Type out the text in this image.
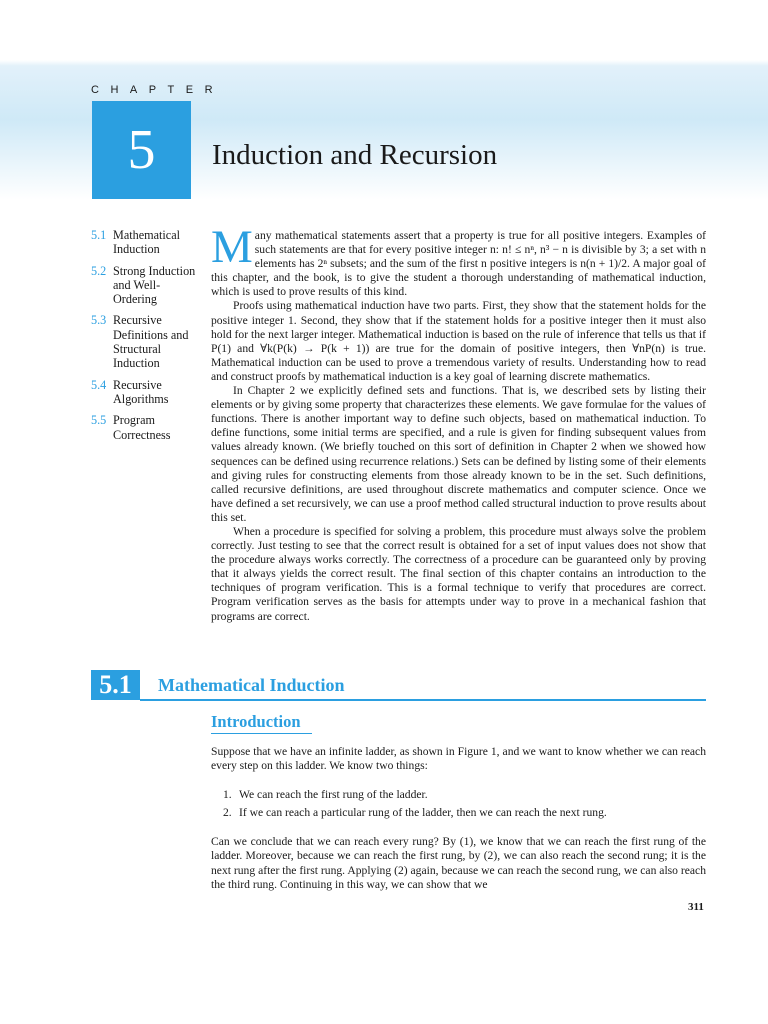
CHAPTER
5 Induction and Recursion
5.1 Mathematical Induction
5.2 Strong Induction and Well-Ordering
5.3 Recursive Definitions and Structural Induction
5.4 Recursive Algorithms
5.5 Program Correctness

Many mathematical statements assert that a property is true for all positive integers. Examples of such statements are that for every positive integer n: n! ≤ nⁿ, n³ − n is divisible by 3; a set with n elements has 2ⁿ subsets; and the sum of the first n positive integers is n(n + 1)/2. A major goal of this chapter, and the book, is to give the student a thorough understanding of mathematical induction, which is used to prove results of this kind.

Proofs using mathematical induction have two parts. First, they show that the statement holds for the positive integer 1. Second, they show that if the statement holds for a positive integer then it must also hold for the next larger integer. Mathematical induction is based on the rule of inference that tells us that if P(1) and ∀k(P(k) → P(k + 1)) are true for the domain of positive integers, then ∀nP(n) is true. Mathematical induction can be used to prove a tremendous variety of results. Understanding how to read and construct proofs by mathematical induction is a key goal of learning discrete mathematics.

In Chapter 2 we explicitly defined sets and functions. That is, we described sets by listing their elements or by giving some property that characterizes these elements. We gave formulae for the values of functions. There is another important way to define such objects, based on mathematical induction. To define functions, some initial terms are specified, and a rule is given for finding subsequent values from values already known. (We briefly touched on this sort of definition in Chapter 2 when we showed how sequences can be defined using recurrence relations.) Sets can be defined by listing some of their elements and giving rules for constructing elements from those already known to be in the set. Such definitions, called recursive definitions, are used throughout discrete mathematics and computer science. Once we have defined a set recursively, we can use a proof method called structural induction to prove results about this set.

When a procedure is specified for solving a problem, this procedure must always solve the problem correctly. Just testing to see that the correct result is obtained for a set of input values does not show that the procedure always works correctly. The correctness of a procedure can be guaranteed only by proving that it always yields the correct result. The final section of this chapter contains an introduction to the techniques of program verification. This is a formal technique to verify that procedures are correct. Program verification serves as the basis for attempts under way to prove in a mechanical fashion that programs are correct.

5.1	Mathematical Induction
Introduction

Suppose that we have an infinite ladder, as shown in Figure 1, and we want to know whether we can reach every step on this ladder. We know two things:

1. We can reach the first rung of the ladder.
2. If we can reach a particular rung of the ladder, then we can reach the next rung.

Can we conclude that we can reach every rung? By (1), we know that we can reach the first rung of the ladder. Moreover, because we can reach the first rung, by (2), we can also reach the second rung; it is the next rung after the first rung. Applying (2) again, because we can reach the second rung, we can also reach the third rung. Continuing in this way, we can show that we

311
